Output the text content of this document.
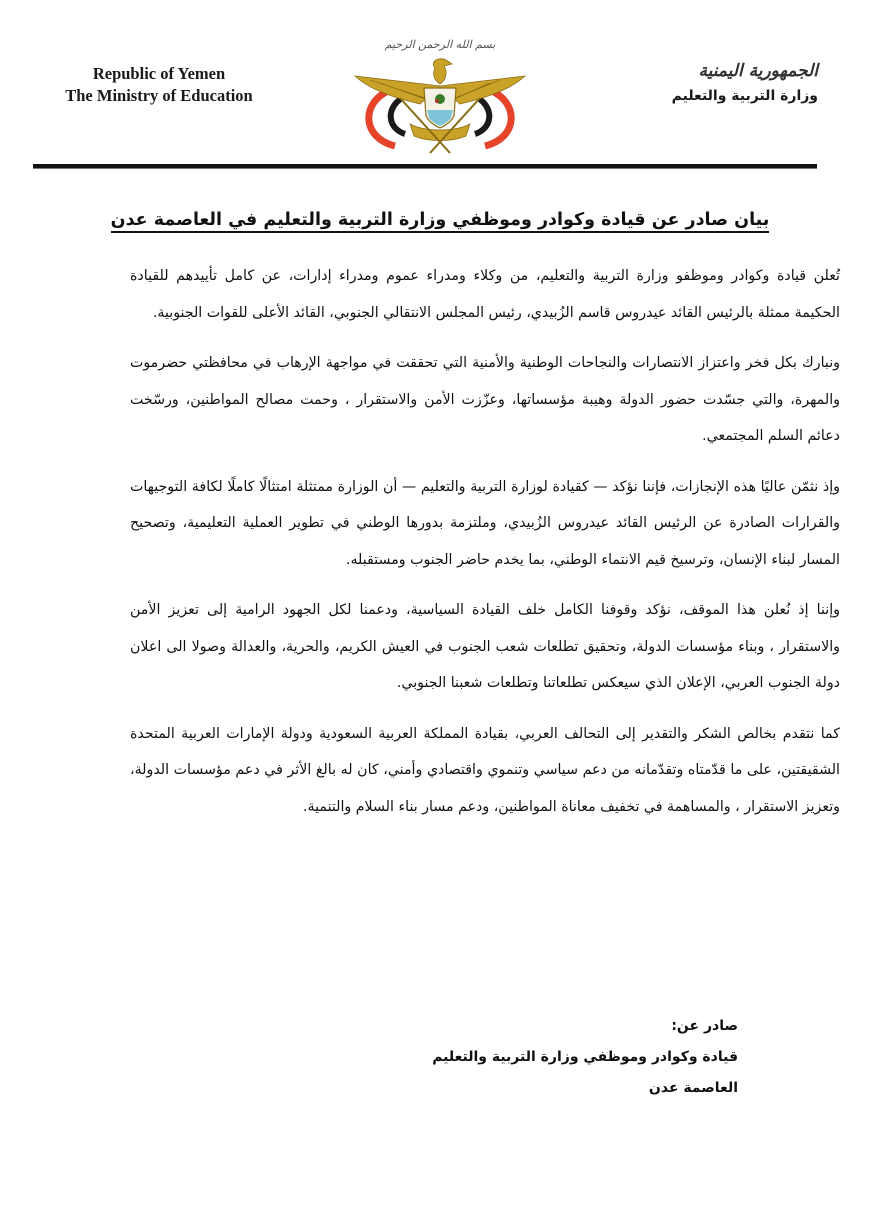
Republic of Yemen
The Ministry of Education
بسم الله الرحمن الرحيم
الجمهورية اليمنية
وزارة التربية والتعليم
بيان صادر عن قيادة وكوادر وموظفي وزارة التربية والتعليم في العاصمة عدن

تُعلن قيادة وكوادر وموظفو وزارة التربية والتعليم، من وكلاء ومدراء عموم ومدراء إدارات، عن كامل تأييدهم للقيادة الحكيمة ممثلة بالرئيس القائد عيدروس قاسم الزُبيدي، رئيس المجلس الانتقالي الجنوبي، القائد الأعلى للقوات الجنوبية.

ونبارك بكل فخر واعتزاز الانتصارات والنجاحات الوطنية والأمنية التي تحققت في مواجهة الإرهاب في محافظتي حضرموت والمهرة، والتي جسّدت حضور الدولة وهيبة مؤسساتها، وعزّزت الأمن والاستقرار ، وحمت مصالح المواطنين، ورسّخت دعائم السلم المجتمعي.

وإذ نثمّن عاليًا هذه الإنجازات، فإننا نؤكد — كقيادة لوزارة التربية والتعليم — أن الوزارة ممتثلة امتثالًا كاملًا لكافة التوجيهات والقرارات الصادرة عن الرئيس القائد عيدروس الزُبيدي، وملتزمة بدورها الوطني في تطوير العملية التعليمية، وتصحيح المسار لبناء الإنسان، وترسيخ قيم الانتماء الوطني، بما يخدم حاضر الجنوب ومستقبله.

وإننا إذ نُعلن هذا الموقف، نؤكد وقوفنا الكامل خلف القيادة السياسية، ودعمنا لكل الجهود الرامية إلى تعزيز الأمن والاستقرار ، وبناء مؤسسات الدولة، وتحقيق تطلعات شعب الجنوب في العيش الكريم، والحرية، والعدالة وصولا الى اعلان دولة الجنوب العربي، الإعلان الذي سيعكس تطلعاتنا وتطلعات شعبنا الجنوبي.

كما نتقدم بخالص الشكر والتقدير إلى التحالف العربي، بقيادة المملكة العربية السعودية ودولة الإمارات العربية المتحدة الشقيقتين، على ما قدّمتاه وتقدّمانه من دعم سياسي وتنموي واقتصادي وأمني، كان له بالغ الأثر في دعم مؤسسات الدولة، وتعزيز الاستقرار ، والمساهمة في تخفيف معاناة المواطنين، ودعم مسار بناء السلام والتنمية.

صادر عن:
قيادة وكوادر وموظفي وزارة التربية والتعليم
العاصمة عدن
